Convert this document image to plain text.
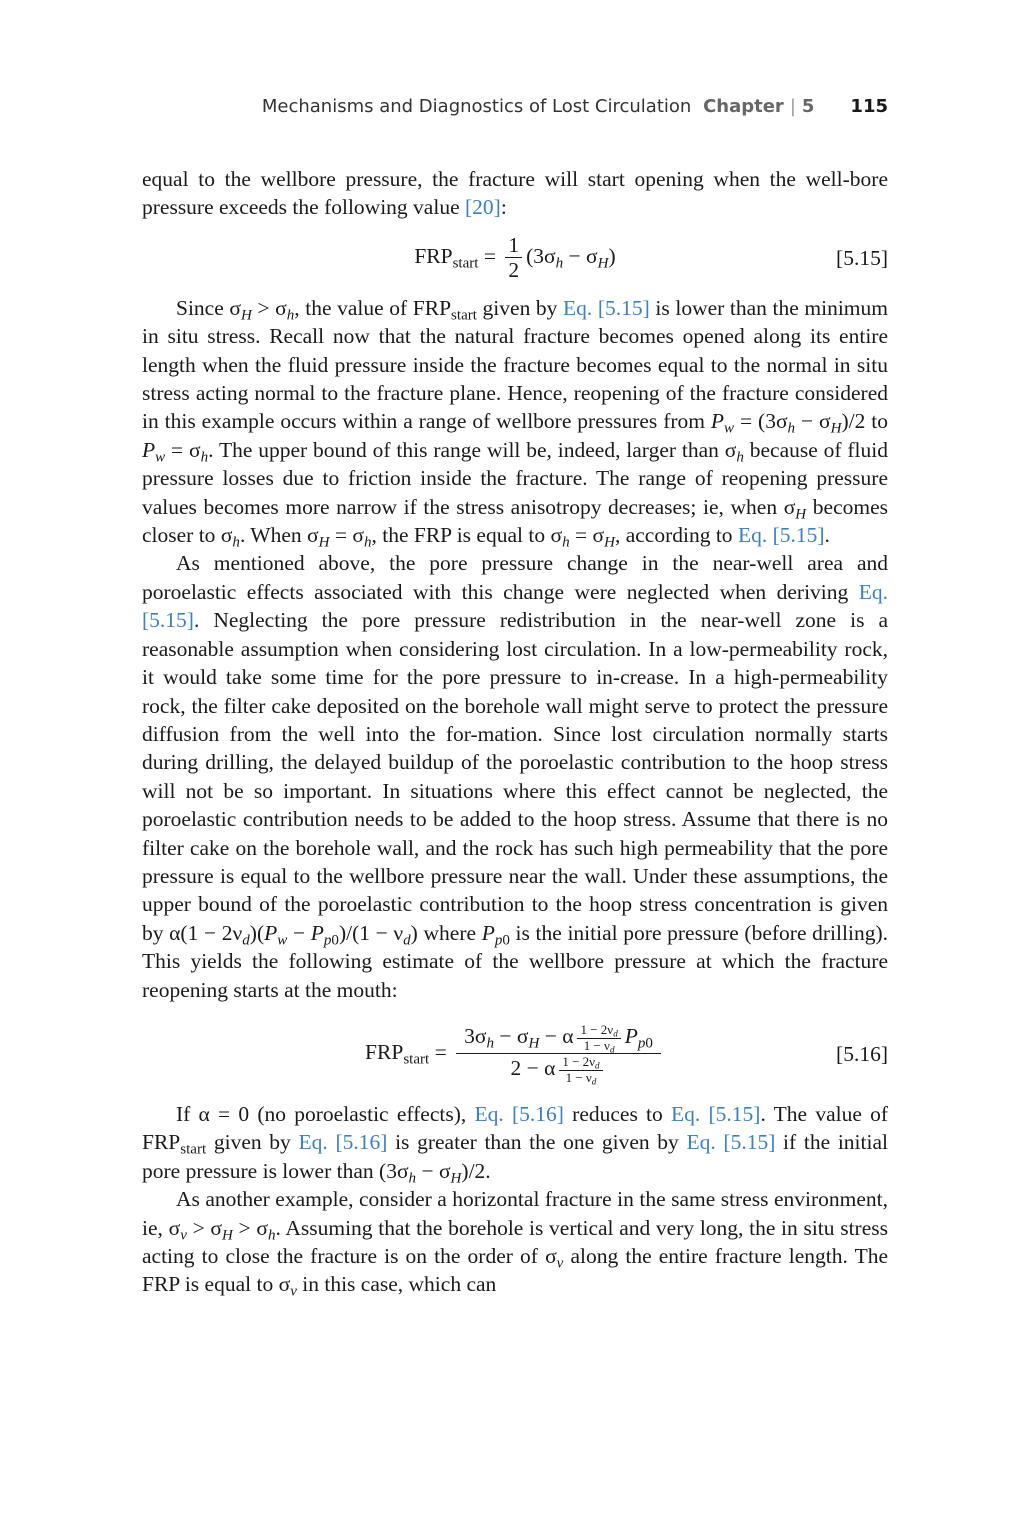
Mechanisms and Diagnostics of Lost Circulation Chapter | 5 115

equal to the wellbore pressure, the fracture will start opening when the well-bore pressure exceeds the following value [20]:

$FRP_{start} = \frac{1}{2} (3\sigma_h - \sigma_H)$	[5.15]

Since $\sigma_H > \sigma_h$, the value of $FRP_{start}$ given by Eq. [5.15] is lower than the minimum in situ stress. Recall now that the natural fracture becomes opened along its entire length when the fluid pressure inside the fracture becomes equal to the normal in situ stress acting normal to the fracture plane. Hence, reopening of the fracture considered in this example occurs within a range of wellbore pressures from $P_w = (3\sigma_h - \sigma_H)/2$ to $P_w = \sigma_h$. The upper bound of this range will be, indeed, larger than $\sigma_h$ because of fluid pressure losses due to friction inside the fracture. The range of reopening pressure values becomes more narrow if the stress anisotropy decreases; ie, when $\sigma_H$ becomes closer to $\sigma_h$. When $\sigma_H = \sigma_h$, the FRP is equal to $\sigma_h = \sigma_H$, according to Eq. [5.15].

As mentioned above, the pore pressure change in the near-well area and poroelastic effects associated with this change were neglected when deriving Eq. [5.15]. Neglecting the pore pressure redistribution in the near-well zone is a reasonable assumption when considering lost circulation. In a low-permeability rock, it would take some time for the pore pressure to in-crease. In a high-permeability rock, the filter cake deposited on the borehole wall might serve to protect the pressure diffusion from the well into the for-mation. Since lost circulation normally starts during drilling, the delayed buildup of the poroelastic contribution to the hoop stress will not be so important. In situations where this effect cannot be neglected, the poroelastic contribution needs to be added to the hoop stress. Assume that there is no filter cake on the borehole wall, and the rock has such high permeability that the pore pressure is equal to the wellbore pressure near the wall. Under these assumptions, the upper bound of the poroelastic contribution to the hoop stress concentration is given by $\alpha(1 - 2\nu_d)(P_w - P_{p0})/(1 - \nu_d)$ where $P_{p0}$ is the initial pore pressure (before drilling). This yields the following estimate of the wellbore pressure at which the fracture reopening starts at the mouth:

$FRP_{start} = \frac{3\sigma_h - \sigma_H - \alpha \frac{1 - 2\nu_d}{1 - \nu_d} P_{p0}}{2 - \alpha \frac{1 - 2\nu_d}{1 - \nu_d}}$	[5.16]

If α = 0 (no poroelastic effects), Eq. [5.16] reduces to Eq. [5.15]. The value of $FRP_{start}$ given by Eq. [5.16] is greater than the one given by Eq. [5.15] if the initial pore pressure is lower than $(3\sigma_h - \sigma_H)/2$.

As another example, consider a horizontal fracture in the same stress environment, ie, $\sigma_v > \sigma_H > \sigma_h$. Assuming that the borehole is vertical and very long, the in situ stress acting to close the fracture is on the order of $\sigma_v$ along the entire fracture length. The FRP is equal to $\sigma_v$ in this case, which can
